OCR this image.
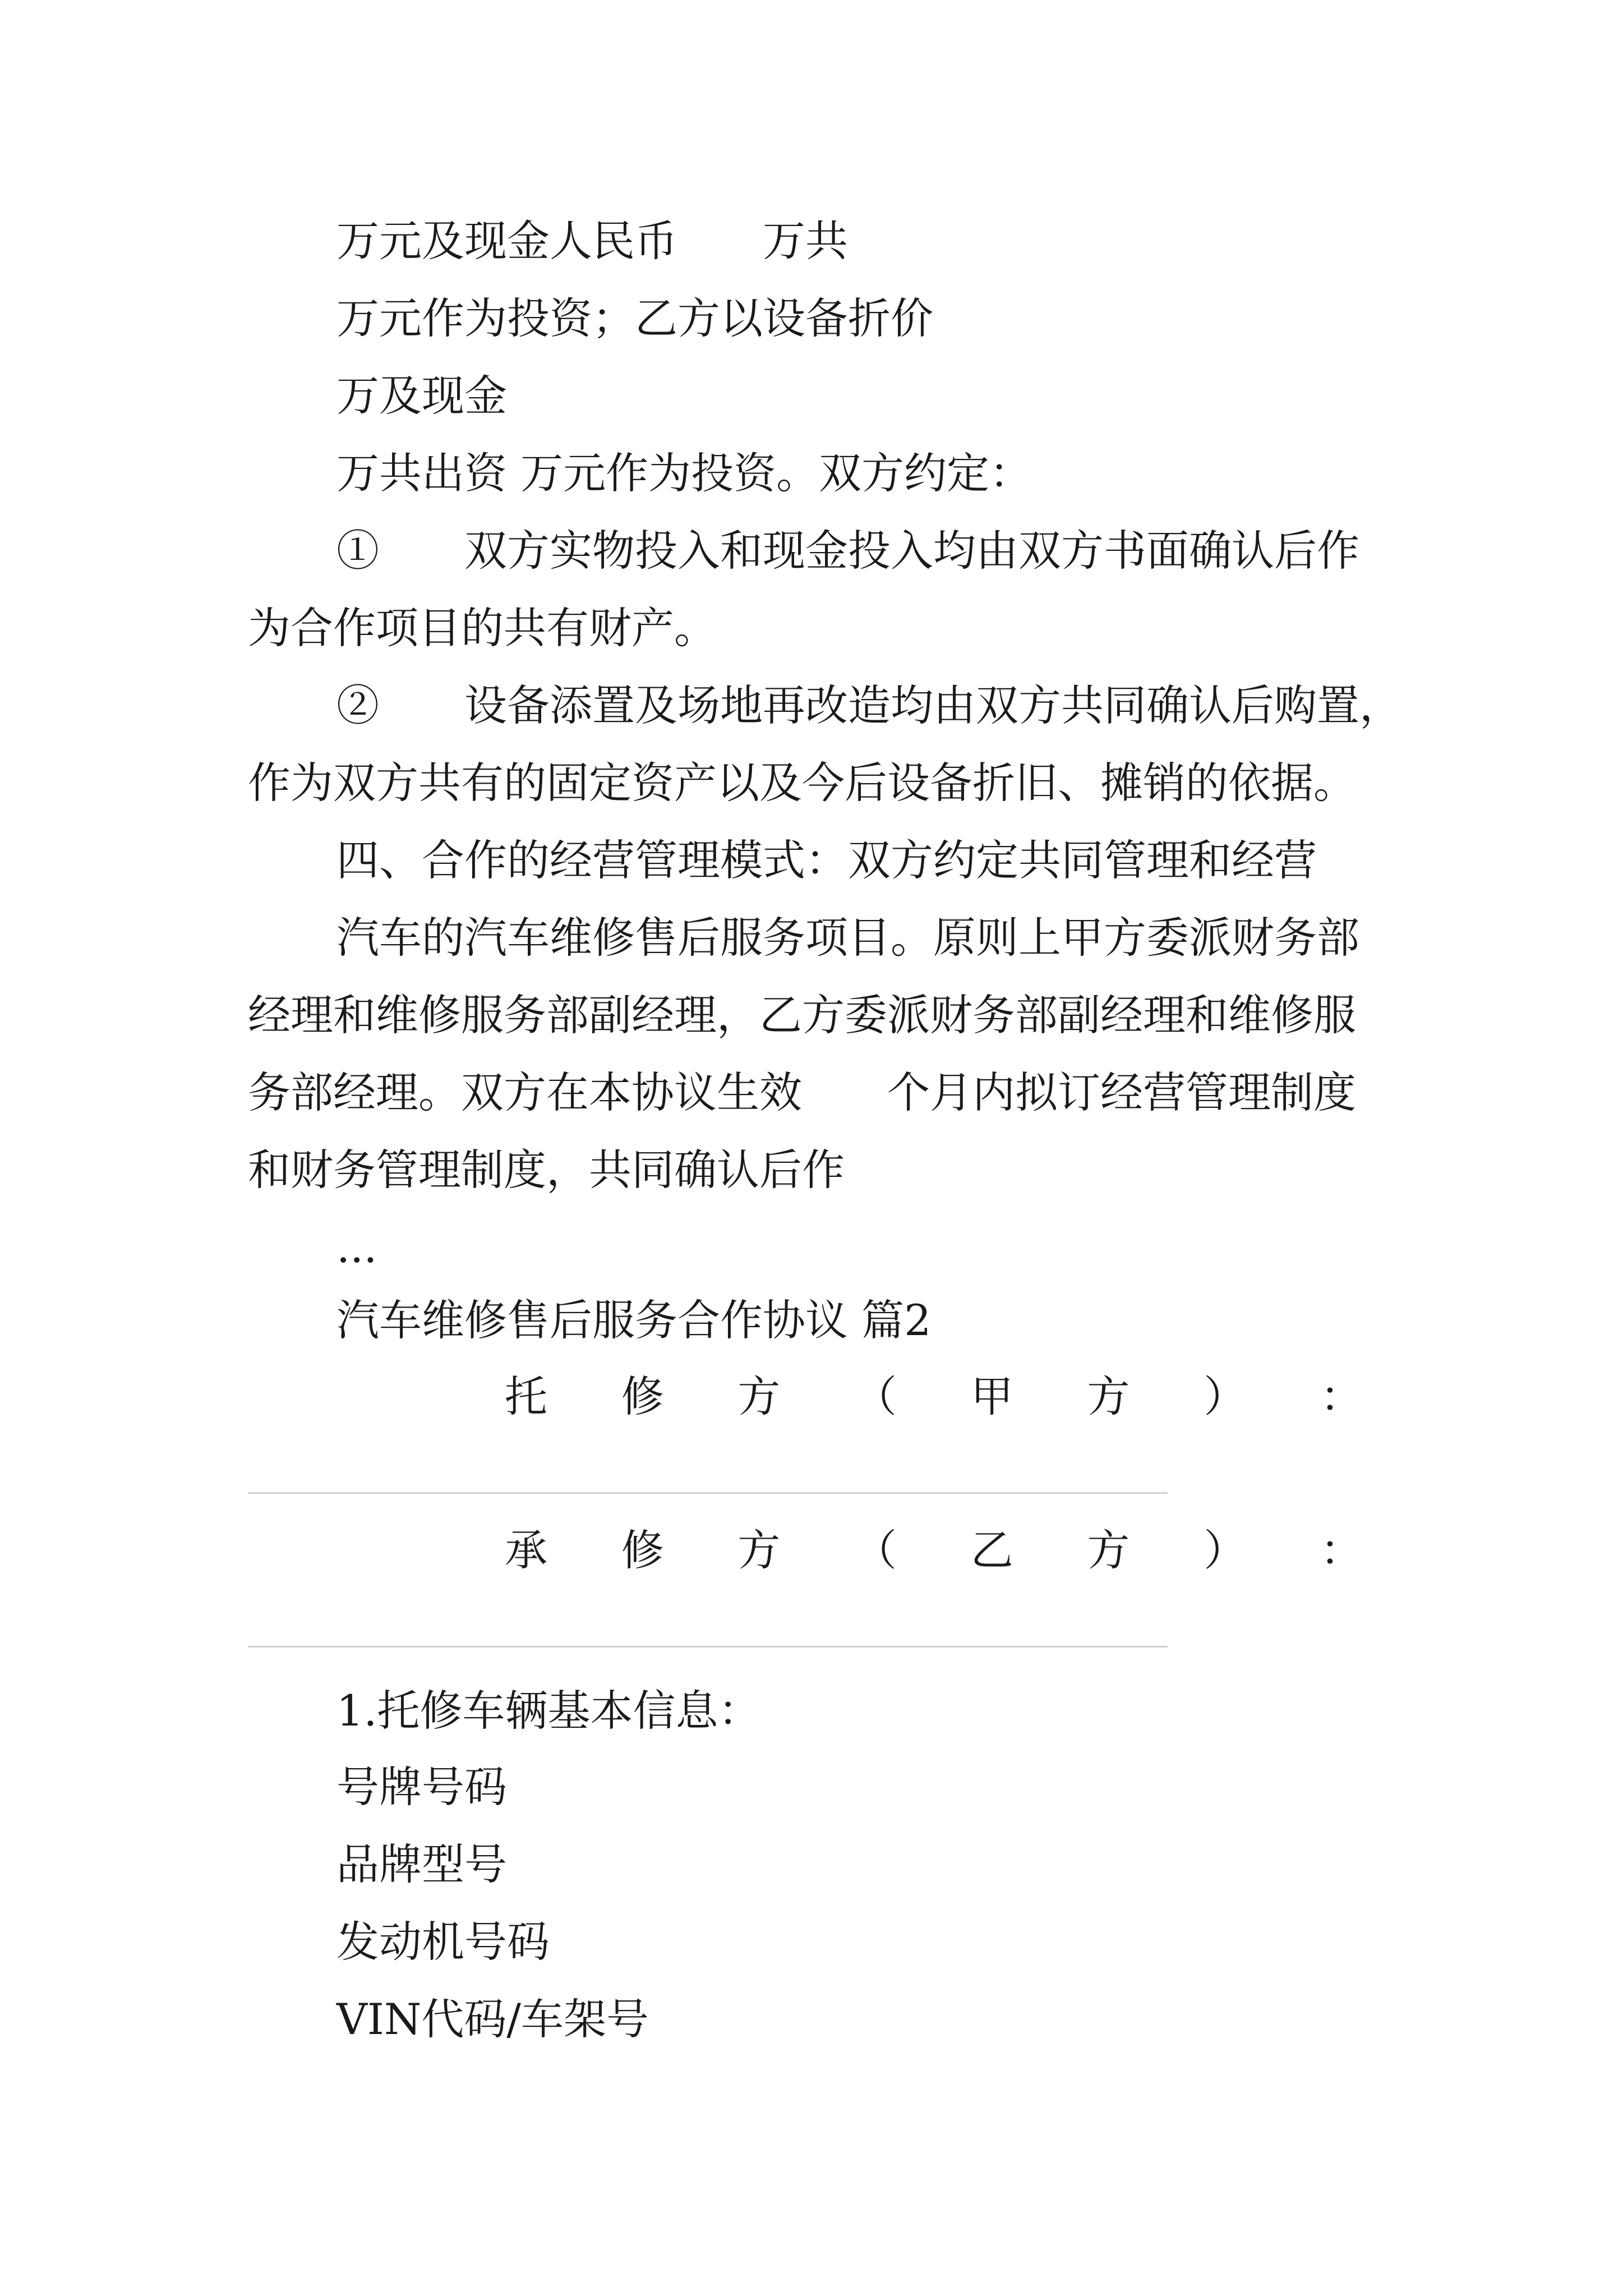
万元及现金人民币　　万共
万元作为投资；乙方以设备折价
万及现金
万共出资 万元作为投资。双方约定：
①　　双方实物投入和现金投入均由双方书面确认后作
为合作项目的共有财产。
②　　设备添置及场地再改造均由双方共同确认后购置，
作为双方共有的固定资产以及今后设备折旧、摊销的依据。
四、合作的经营管理模式：双方约定共同管理和经营
汽车的汽车维修售后服务项目。原则上甲方委派财务部
经理和维修服务部副经理，乙方委派财务部副经理和维修服
务部经理。双方在本协议生效　　个月内拟订经营管理制度
和财务管理制度，共同确认后作
...
汽车维修售后服务合作协议 篇2
托 修 方 （ 甲 方 ） ：
承 修 方 （ 乙 方 ） ：
1.托修车辆基本信息：
号牌号码
品牌型号
发动机号码
VIN代码/车架号
